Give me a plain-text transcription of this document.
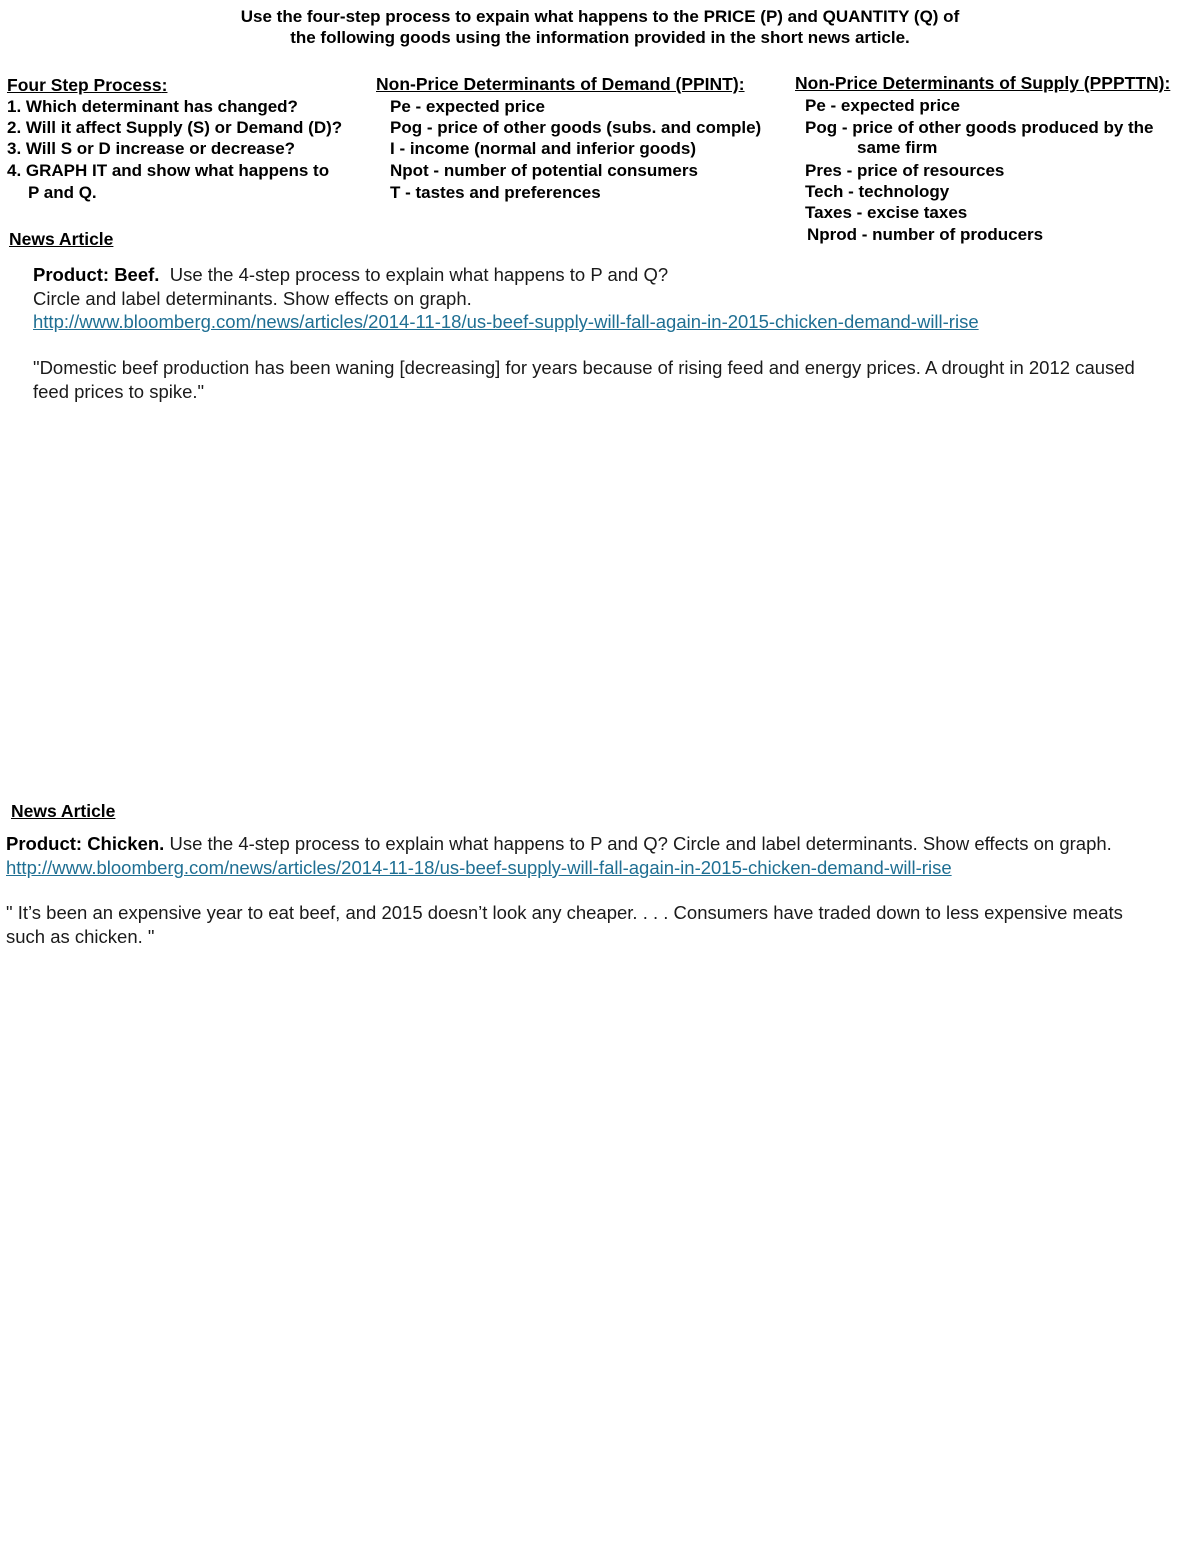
Use the four-step process to expain what happens to the PRICE (P) and QUANTITY (Q) of
the following goods using the information provided in the short news article.
Four Step Process:
1. Which determinant has changed?
2. Will it affect Supply (S) or Demand (D)?
3. Will S or D increase or decrease?
4. GRAPH IT and show what happens to
P and Q.
Non-Price Determinants of Demand (PPINT):
Pe - expected price
Pog - price of other goods (subs. and comple)
I - income (normal and inferior goods)
Npot - number of potential consumers
T - tastes and preferences
Non-Price Determinants of Supply (PPPTTN):
Pe - expected price
Pog - price of other goods produced by the
same firm
Pres - price of resources
Tech - technology
Taxes - excise taxes
Nprod - number of producers
News Article
Product: Beef. Use the 4-step process to explain what happens to P and Q?
Circle and label determinants. Show effects on graph.
http://www.bloomberg.com/news/articles/2014-11-18/us-beef-supply-will-fall-again-in-2015-chicken-demand-will-rise
"Domestic beef production has been waning [decreasing] for years because of rising feed and energy prices. A drought in 2012 caused feed prices to spike."
News Article
Product: Chicken. Use the 4-step process to explain what happens to P and Q? Circle and label determinants. Show effects on graph.
http://www.bloomberg.com/news/articles/2014-11-18/us-beef-supply-will-fall-again-in-2015-chicken-demand-will-rise
" It’s been an expensive year to eat beef, and 2015 doesn’t look any cheaper. . . . Consumers have traded down to less expensive meats such as chicken. "
